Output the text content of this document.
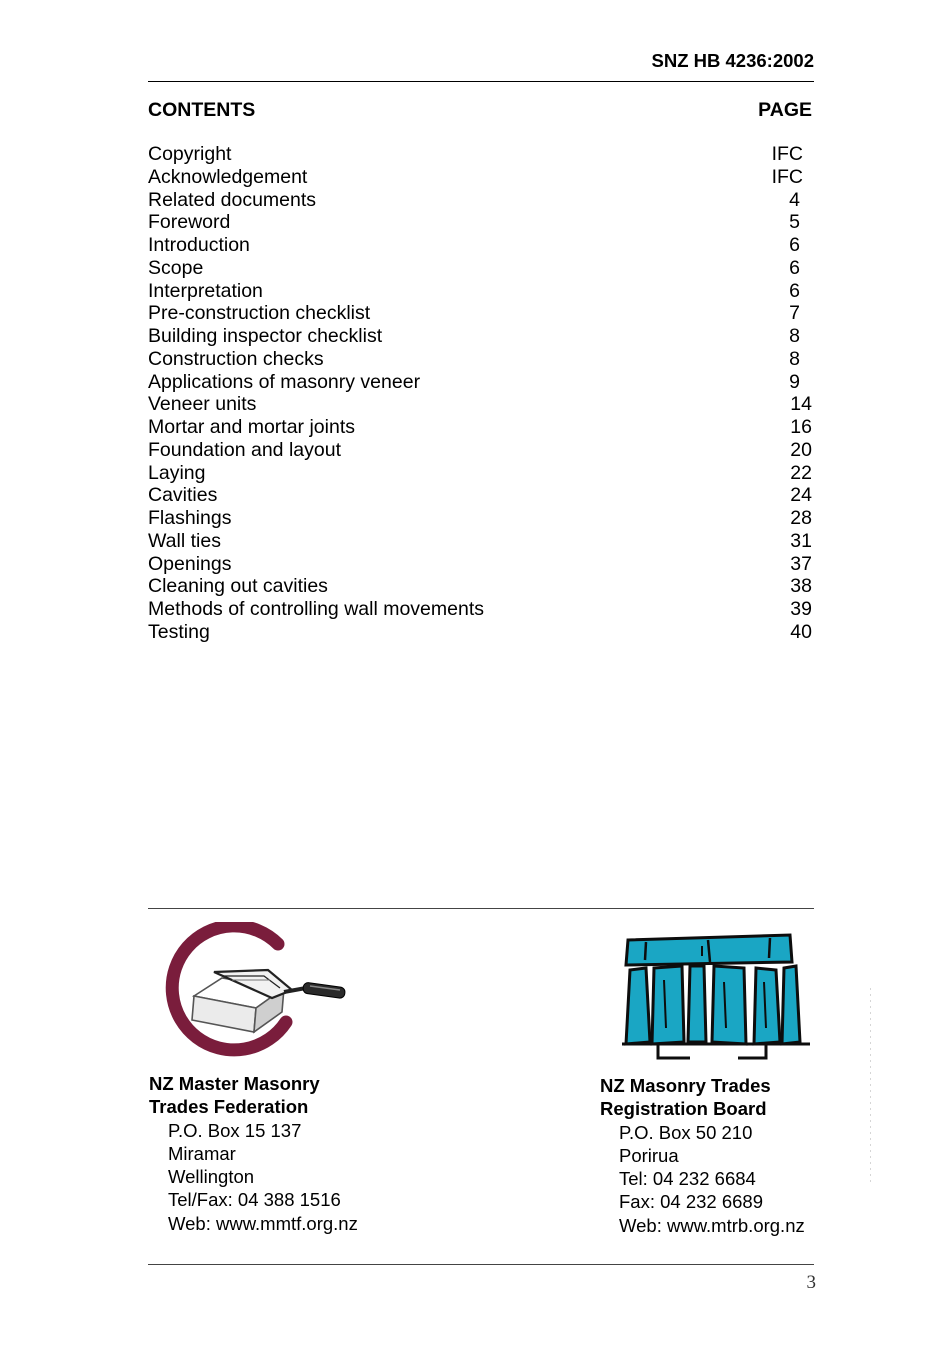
SNZ HB 4236:2002
CONTENTS	PAGE
Copyright	IFC
Acknowledgement	IFC
Related documents	4
Foreword	5
Introduction	6
Scope	6
Interpretation	6
Pre-construction checklist	7
Building inspector checklist	8
Construction checks	8
Applications of masonry veneer	9
Veneer units	14
Mortar and mortar joints	16
Foundation and layout	20
Laying	22
Cavities	24
Flashings	28
Wall ties	31
Openings	37
Cleaning out cavities	38
Methods of controlling wall movements	39
Testing	40
NZ Master Masonry
Trades Federation
P.O. Box 15 137
Miramar
Wellington
Tel/Fax: 04 388 1516
Web: www.mmtf.org.nz
NZ Masonry Trades
Registration Board
P.O. Box 50 210
Porirua
Tel: 04 232 6684
Fax: 04 232 6689
Web: www.mtrb.org.nz
3
